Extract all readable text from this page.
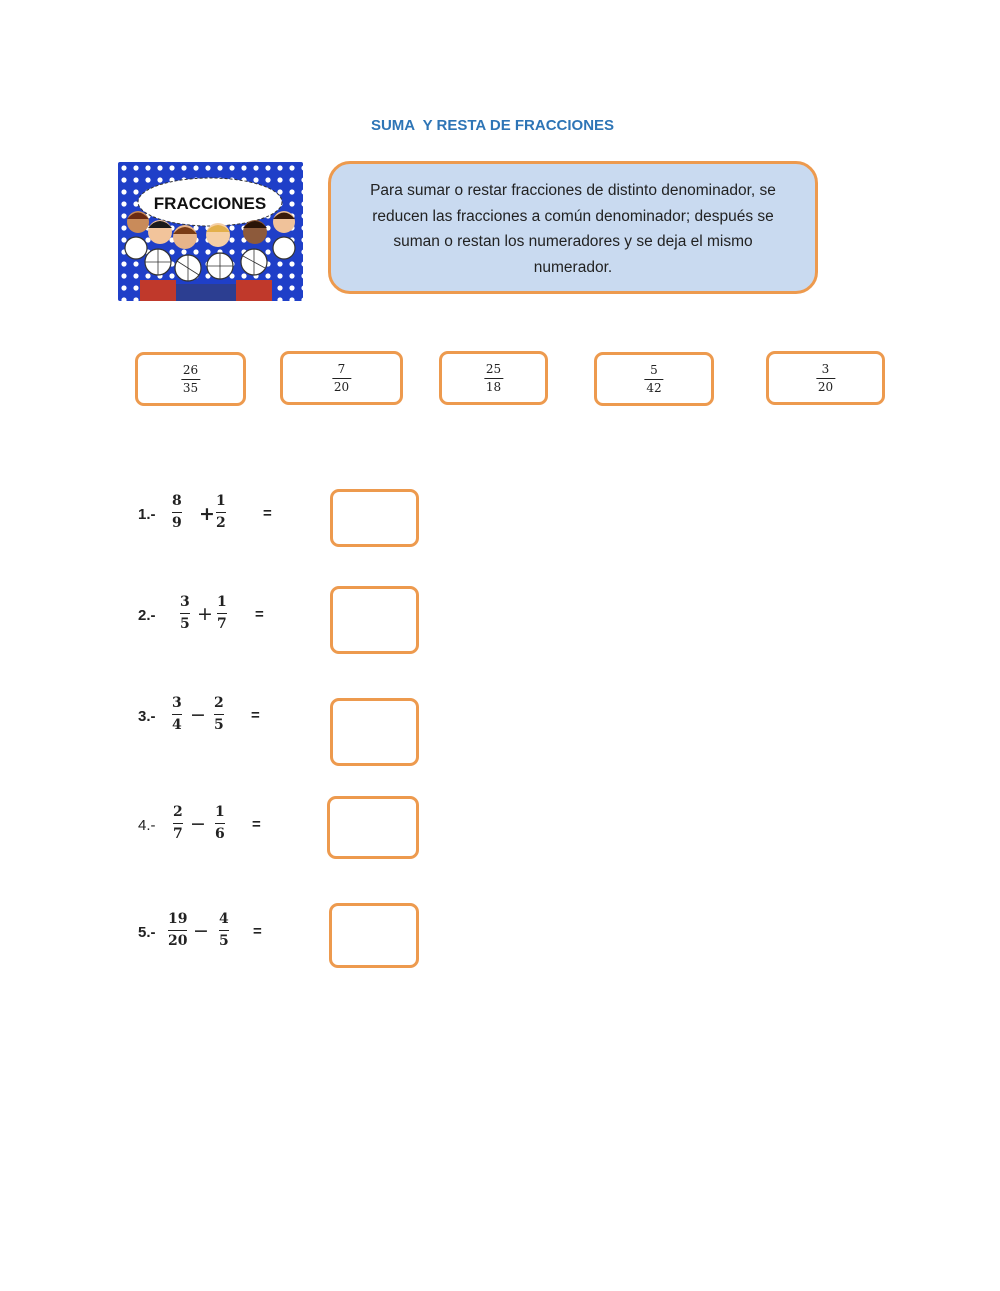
SUMA  Y RESTA DE FRACCIONES
FRACCIONES
Para sumar o restar fracciones de distinto denominador, se reducen las fracciones a común denominador; después se suman o restan los numeradores y se deja el mismo numerador.
26
35
7
20
25
18
5
42
3
20
1.-
8
9 +
1
2
=
2.-
3
5 +
1
7
=
3.-
3
4 −
2
5
=
4.-
2
7 −
1
6
=
5.-
19
20 −
4
5
=
